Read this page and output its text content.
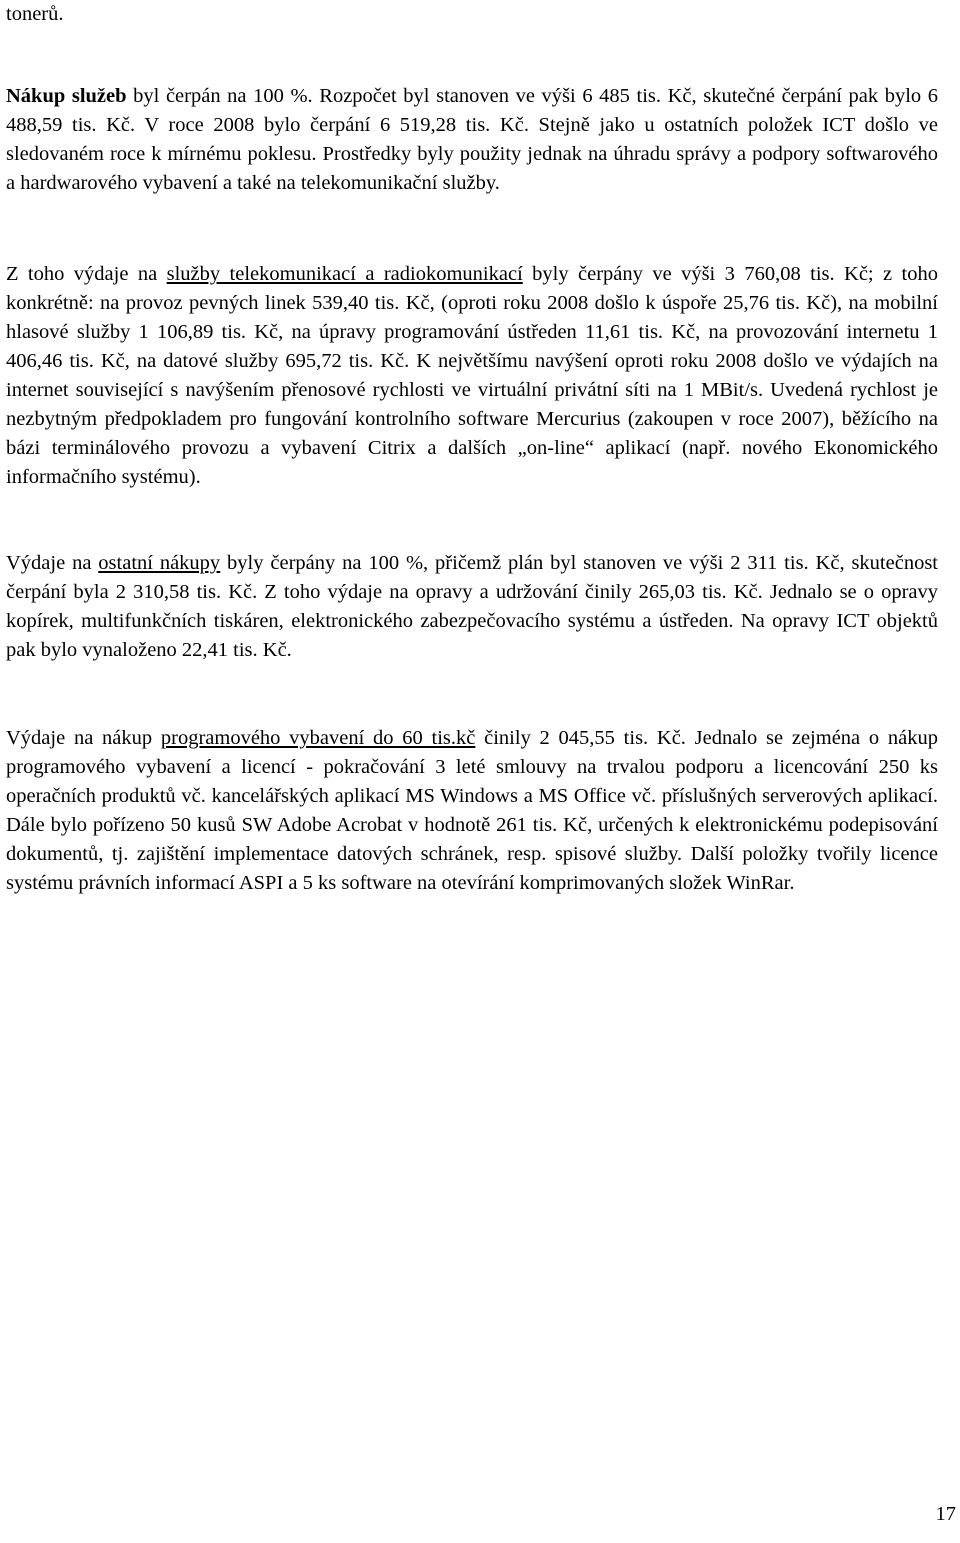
tonerů.

Nákup služeb byl čerpán na 100 %. Rozpočet byl stanoven ve výši 6 485 tis. Kč, skutečné čerpání pak bylo 6 488,59 tis. Kč. V roce 2008 bylo čerpání 6 519,28 tis. Kč. Stejně jako u ostatních položek ICT došlo ve sledovaném roce k mírnému poklesu. Prostředky byly použity jednak na úhradu správy a podpory softwarového a hardwarového vybavení a také na telekomunikační služby.

Z toho výdaje na služby telekomunikací a radiokomunikací byly čerpány ve výši 3 760,08 tis. Kč; z toho konkrétně: na provoz pevných linek 539,40 tis. Kč, (oproti roku 2008 došlo k úspoře 25,76 tis. Kč), na mobilní hlasové služby 1 106,89 tis. Kč, na úpravy programování ústředen 11,61 tis. Kč, na provozování internetu 1 406,46 tis. Kč, na datové služby 695,72 tis. Kč. K největšímu navýšení oproti roku 2008 došlo ve výdajích na internet související s navýšením přenosové rychlosti ve virtuální privátní síti na 1 MBit/s. Uvedená rychlost je nezbytným předpokladem pro fungování kontrolního software Mercurius (zakoupen v roce 2007), běžícího na bázi terminálového provozu a vybavení Citrix a dalších „on-line“ aplikací (např. nového Ekonomického informačního systému).

Výdaje na ostatní nákupy byly čerpány na 100 %, přičemž plán byl stanoven ve výši 2 311 tis. Kč, skutečnost čerpání byla 2 310,58 tis. Kč. Z toho výdaje na opravy a udržování činily 265,03 tis. Kč. Jednalo se o opravy kopírek, multifunkčních tiskáren, elektronického zabezpečovacího systému a ústředen. Na opravy ICT objektů pak bylo vynaloženo 22,41 tis. Kč.

Výdaje na nákup programového vybavení do 60 tis.kč činily 2 045,55 tis. Kč. Jednalo se zejména o nákup programového vybavení a licencí - pokračování 3 leté smlouvy na trvalou podporu a licencování 250 ks operačních produktů vč. kancelářských aplikací MS Windows a MS Office vč. příslušných serverových aplikací. Dále bylo pořízeno 50 kusů SW Adobe Acrobat v hodnotě 261 tis. Kč, určených k elektronickému podepisování dokumentů, tj. zajištění implementace datových schránek, resp. spisové služby. Další položky tvořily licence systému právních informací ASPI a 5 ks software na otevírání komprimovaných složek WinRar.

17
